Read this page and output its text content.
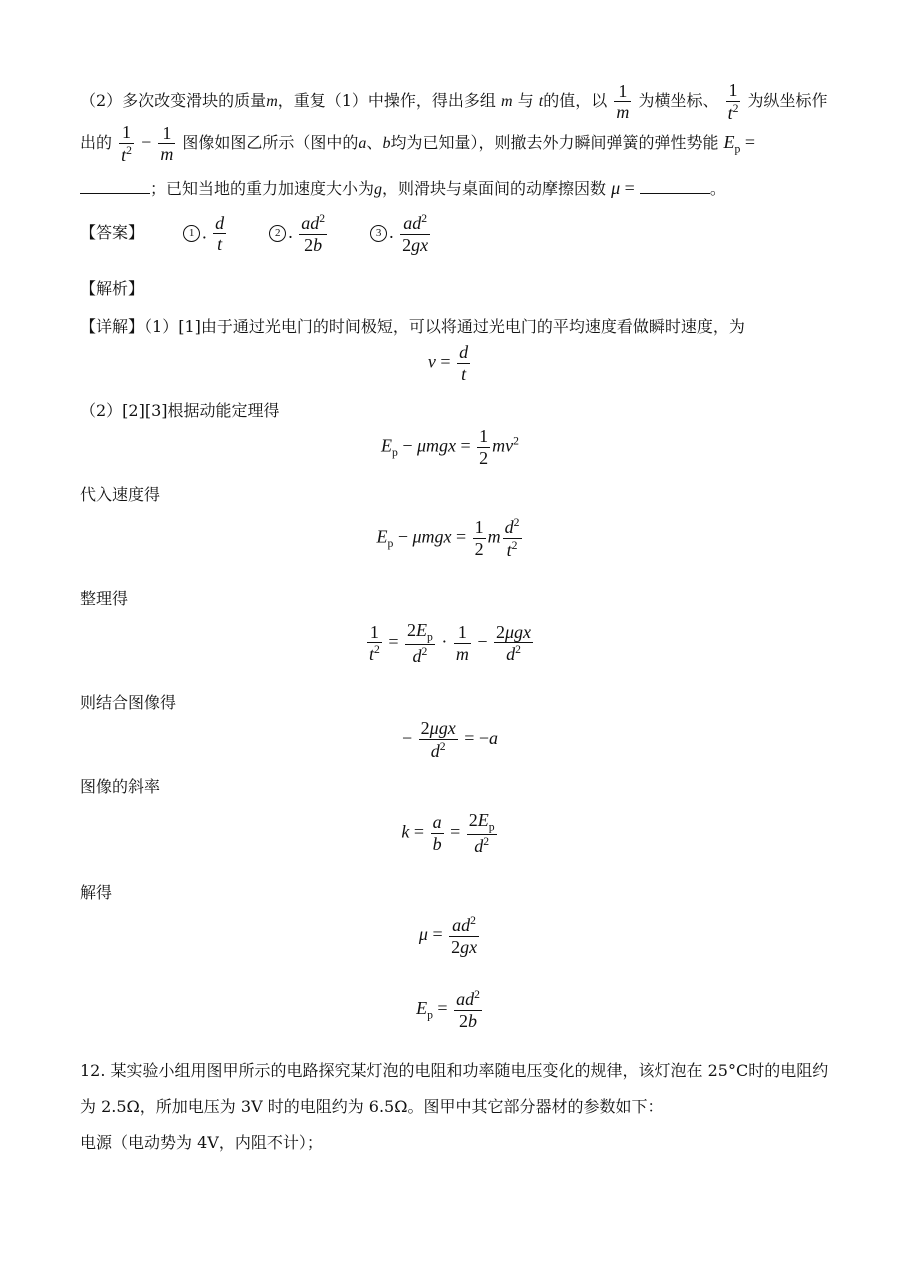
（2）多次改变滑块的质量m，重复（1）中操作，得出多组 m 与 t的值，以 $\frac{1}{m}$ 为横坐标、 $\frac{1}{t^2}$ 为纵坐标作
出的 $\frac{1}{t^2} - \frac{1}{m}$ 图像如图乙所示（图中的a、b均为已知量），则撤去外力瞬间弹簧的弹性势能 $E_p$ =
；已知当地的重力加速度大小为g，则滑块与桌面间的动摩擦因数 μ =	。
【答案】	1 . $\frac{d}{t}$	2 . $\frac{ad^2}{2b}$	3 . $\frac{ad^2}{2gx}$
【解析】
【详解】（1）[1]由于通过光电门的时间极短，可以将通过光电门的平均速度看做瞬时速度，为
$v = \frac{d}{t}$
（2）[2][3]根据动能定理得
$E_p - \mu mgx = \frac{1}{2} mv^2$
代入速度得
$E_p - \mu mgx = \frac{1}{2}$ m $\frac{d^2}{t^2}$
整理得
$\frac{1}{t^2} = \frac{2E_p}{d^2} \cdot \frac{1}{m} - \frac{\text{2μgx}}{d^2}$
则结合图像得
− $\frac{\text{2μgx}}{d^2} = -a$
图像的斜率
$k = \frac{a}{b} = \frac{2E_p}{d^2}$
解得
$\mu = \frac{ad^2}{2gx}$
$E_p = \frac{ad^2}{2b}$
12. 某实验小组用图甲所示的电路探究某灯泡的电阻和功率随电压变化的规律，该灯泡在 25°C时的电阻约
为 2.5Ω，所加电压为 3V 时的电阻约为 6.5Ω。图甲中其它部分器材的参数如下：
电源（电动势为 4V，内阻不计）；
